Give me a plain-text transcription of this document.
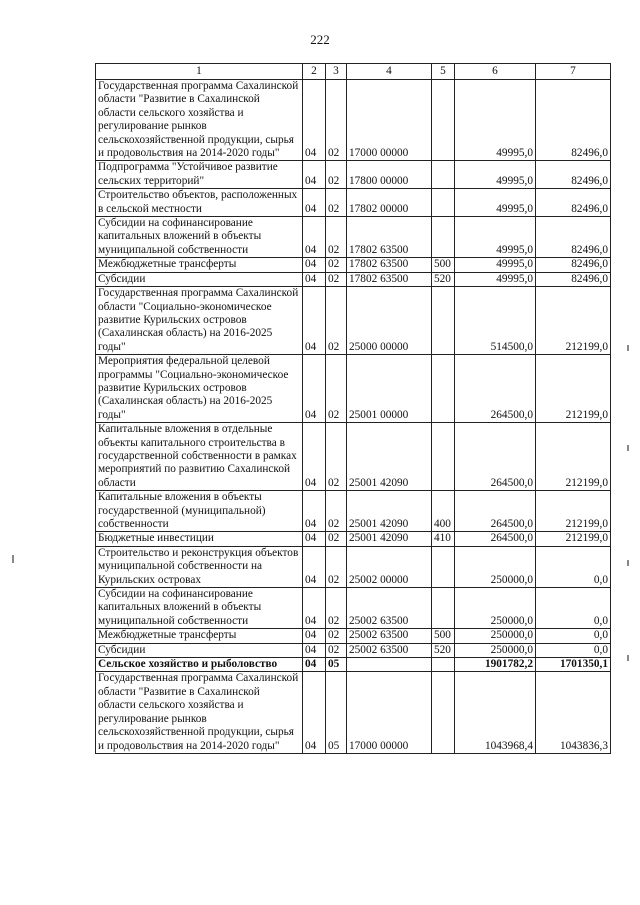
222
1	2	3	4	5	6	7
Государственная программа Сахалинской области "Развитие в Сахалинской области сельского хозяйства и регулирование рынков сельскохозяйственной продукции, сырья и продовольствия на 2014-2020 годы"	04	02	17000 00000		49995,0	82496,0
Подпрограмма "Устойчивое развитие сельских территорий"	04	02	17800 00000		49995,0	82496,0
Строительство объектов, расположенных в сельской местности	04	02	17802 00000		49995,0	82496,0
Субсидии на софинансирование капитальных вложений в объекты муниципальной собственности	04	02	17802 63500		49995,0	82496,0
Межбюджетные трансферты	04	02	17802 63500	500	49995,0	82496,0
Субсидии	04	02	17802 63500	520	49995,0	82496,0
Государственная программа Сахалинской области "Социально-экономическое развитие Курильских островов (Сахалинская область) на 2016-2025 годы"	04	02	25000 00000		514500,0	212199,0
Мероприятия федеральной целевой программы "Социально-экономическое развитие Курильских островов (Сахалинская область) на 2016-2025 годы"	04	02	25001 00000		264500,0	212199,0
Капитальные вложения в отдельные объекты капитального строительства в государственной собственности в рамках мероприятий по развитию Сахалинской области	04	02	25001 42090		264500,0	212199,0
Капитальные вложения в объекты государственной (муниципальной) собственности	04	02	25001 42090	400	264500,0	212199,0
Бюджетные инвестиции	04	02	25001 42090	410	264500,0	212199,0
Строительство и реконструкция объектов муниципальной собственности на Курильских островах	04	02	25002 00000		250000,0	0,0
Субсидии на софинансирование капитальных вложений в объекты муниципальной собственности	04	02	25002 63500		250000,0	0,0
Межбюджетные трансферты	04	02	25002 63500	500	250000,0	0,0
Субсидии	04	02	25002 63500	520	250000,0	0,0
Сельское хозяйство и рыболовство	04	05			1901782,2	1701350,1
Государственная программа Сахалинской области "Развитие в Сахалинской области сельского хозяйства и регулирование рынков сельскохозяйственной продукции, сырья и продовольствия на 2014-2020 годы"	04	05	17000 00000		1043968,4	1043836,3
